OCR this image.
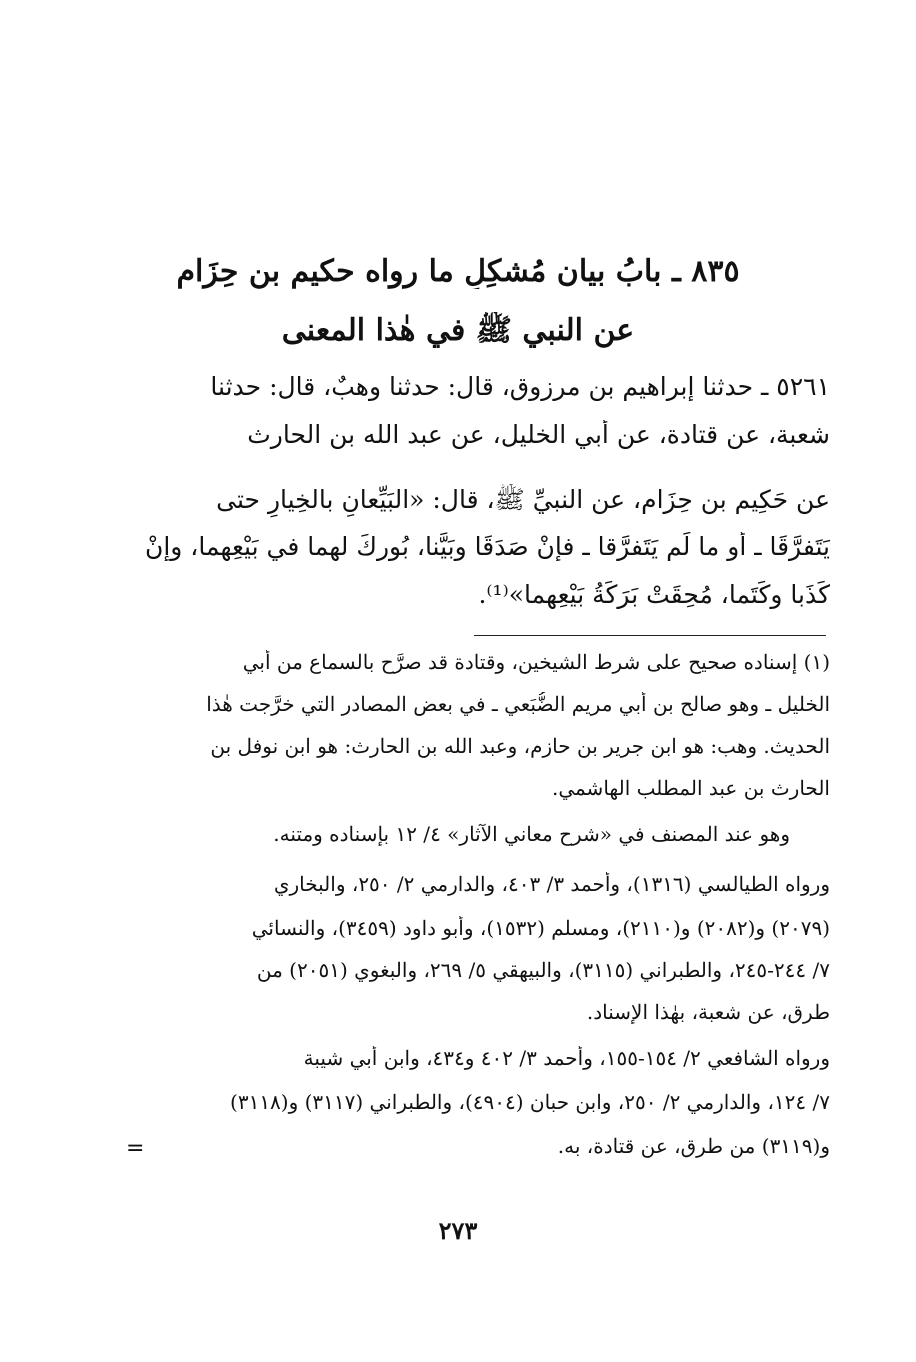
٨٣٥ ـ بابُ بيان مُشكِلِ ما رواه حكيم بن حِزَام
عن النبي ﷺ في هٰذا المعنى
٥٢٦١ ـ حدثنا إبراهيم بن مرزوق، قال: حدثنا وهبٌ، قال: حدثنا
شعبة، عن قتادة، عن أبي الخليل، عن عبد الله بن الحارث
عن حَكِيم بن حِزَام، عن النبيِّ ﷺ، قال: «البَيِّعانِ بالخِيارِ حتى
يَتَفرَّقَا ـ أو ما لَم يَتَفرَّقا ـ فإنْ صَدَقَا وبَيَّنا، بُورِكَ لهما في بَيْعِهما، وإنْ
كَذَبا وكَتَما، مُحِقَتْ بَرَكَةُ بَيْعِهما»⁽¹⁾.
(١) إسناده صحيح على شرط الشيخين، وقتادة قد صرَّح بالسماع من أبي
الخليل ـ وهو صالح بن أبي مريم الضُّبَعي ـ في بعض المصادر التي خرَّجت هٰذا
الحديث. وهب: هو ابن جرير بن حازم، وعبد الله بن الحارث: هو ابن نوفل بن
الحارث بن عبد المطلب الهاشمي.
وهو عند المصنف في «شرح معاني الآثار» ٤/ ١٢ بإسناده ومتنه.
ورواه الطيالسي (١٣١٦)، وأحمد ٣/ ٤٠٣، والدارمي ٢/ ٢٥٠، والبخاري
(٢٠٧٩) و(٢٠٨٢) و(٢١١٠)، ومسلم (١٥٣٢)، وأبو داود (٣٤٥٩)، والنسائي
٧/ ٢٤٤-٢٤٥، والطبراني (٣١١٥)، والبيهقي ٥/ ٢٦٩، والبغوي (٢٠٥١) من
طرق، عن شعبة، بهٰذا الإسناد.
ورواه الشافعي ٢/ ١٥٤-١٥٥، وأحمد ٣/ ٤٠٢ و٤٣٤، وابن أبي شيبة
٧/ ١٢٤، والدارمي ٢/ ٢٥٠، وابن حبان (٤٩٠٤)، والطبراني (٣١١٧) و(٣١١٨)
و(٣١١٩) من طرق، عن قتادة، به.
=
٢٧٣
